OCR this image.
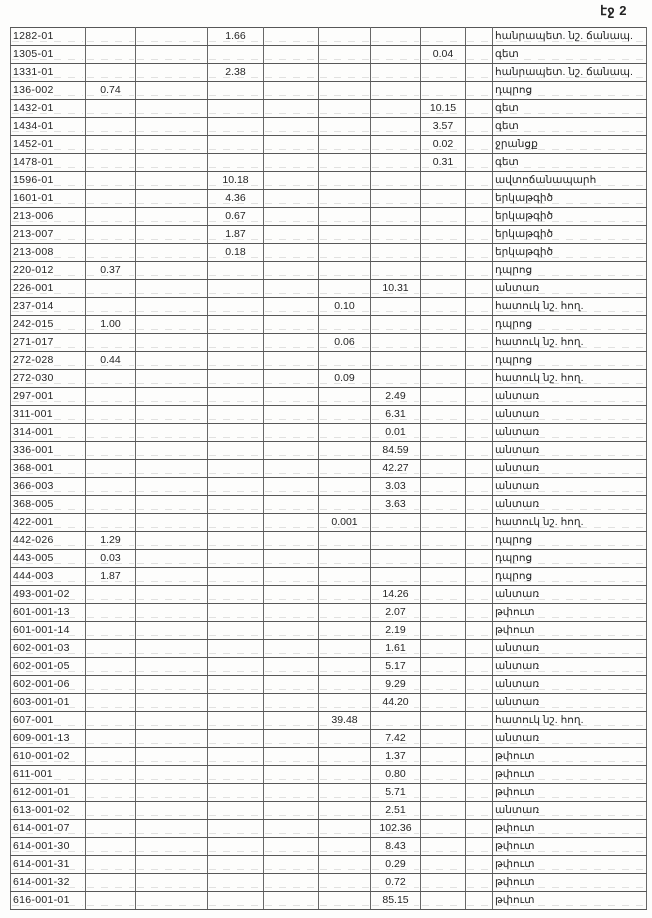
էջ 2
1282-01			1.66						հանրապետ. նշ. ճանապ.
1305-01							0.04		գետ
1331-01			2.38						հանրապետ. նշ. ճանապ.
136-002	0.74								դպրոց
1432-01							10.15		գետ
1434-01							3.57		գետ
1452-01							0.02		ջրանցք
1478-01							0.31		գետ
1596-01			10.18						ավտոճանապարհ
1601-01			4.36						երկաթգիծ
213-006			0.67						երկաթգիծ
213-007			1.87						երկաթգիծ
213-008			0.18						երկաթգիծ
220-012	0.37								դպրոց
226-001						10.31			անտառ
237-014					0.10				հատուկ նշ. հող.
242-015	1.00								դպրոց
271-017					0.06				հատուկ նշ. հող.
272-028	0.44								դպրոց
272-030					0.09				հատուկ նշ. հող.
297-001						2.49			անտառ
311-001						6.31			անտառ
314-001						0.01			անտառ
336-001						84.59			անտառ
368-001						42.27			անտառ
366-003						3.03			անտառ
368-005						3.63			անտառ
422-001					0.001				հատուկ նշ. հող.
442-026	1.29								դպրոց
443-005	0.03								դպրոց
444-003	1.87								դպրոց
493-001-02						14.26			անտառ
601-001-13						2.07			թփուտ
601-001-14						2.19			թփուտ
602-001-03						1.61			անտառ
602-001-05						5.17			անտառ
602-001-06						9.29			անտառ
603-001-01						44.20			անտառ
607-001					39.48				հատուկ նշ. հող.
609-001-13						7.42			անտառ
610-001-02						1.37			թփուտ
611-001						0.80			թփուտ
612-001-01						5.71			թփուտ
613-001-02						2.51			անտառ
614-001-07						102.36			թփուտ
614-001-30						8.43			թփուտ
614-001-31						0.29			թփուտ
614-001-32						0.72			թփուտ
616-001-01						85.15			թփուտ
